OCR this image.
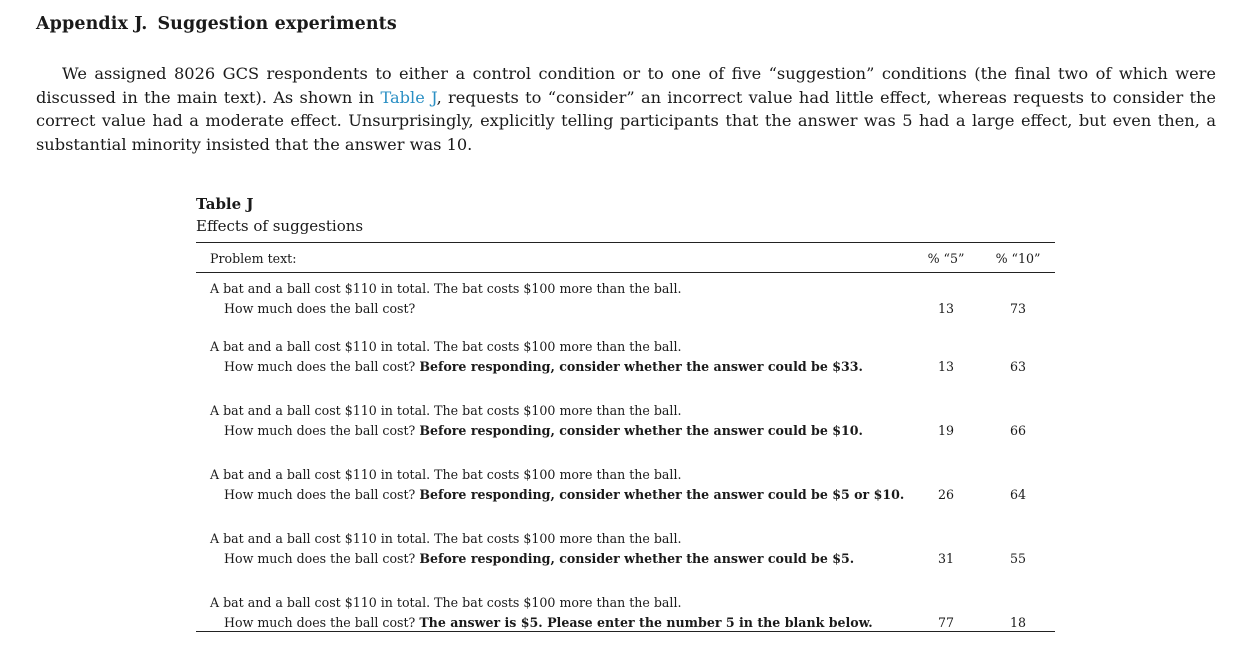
Appendix J. Suggestion experiments

We assigned 8026 GCS respondents to either a control condition or to one of five “suggestion” conditions (the final two of which were discussed in the main text). As shown in Table J, requests to “consider” an incorrect value had little effect, whereas requests to consider the correct value had a moderate effect. Unsurprisingly, explicitly telling participants that the answer was 5 had a large effect, but even then, a substantial minority insisted that the answer was 10.

Table J
Effects of suggestions
Problem text:	% “5”	% “10”
A bat and a ball cost $110 in total. The bat costs $100 more than the ball.
How much does the ball cost?	13	73
A bat and a ball cost $110 in total. The bat costs $100 more than the ball.
How much does the ball cost? Before responding, consider whether the answer could be $33.	13	63
A bat and a ball cost $110 in total. The bat costs $100 more than the ball.
How much does the ball cost? Before responding, consider whether the answer could be $10.	19	66
A bat and a ball cost $110 in total. The bat costs $100 more than the ball.
How much does the ball cost? Before responding, consider whether the answer could be $5 or $10.	26	64
A bat and a ball cost $110 in total. The bat costs $100 more than the ball.
How much does the ball cost? Before responding, consider whether the answer could be $5.	31	55
A bat and a ball cost $110 in total. The bat costs $100 more than the ball.
How much does the ball cost? The answer is $5. Please enter the number 5 in the blank below.	77	18
